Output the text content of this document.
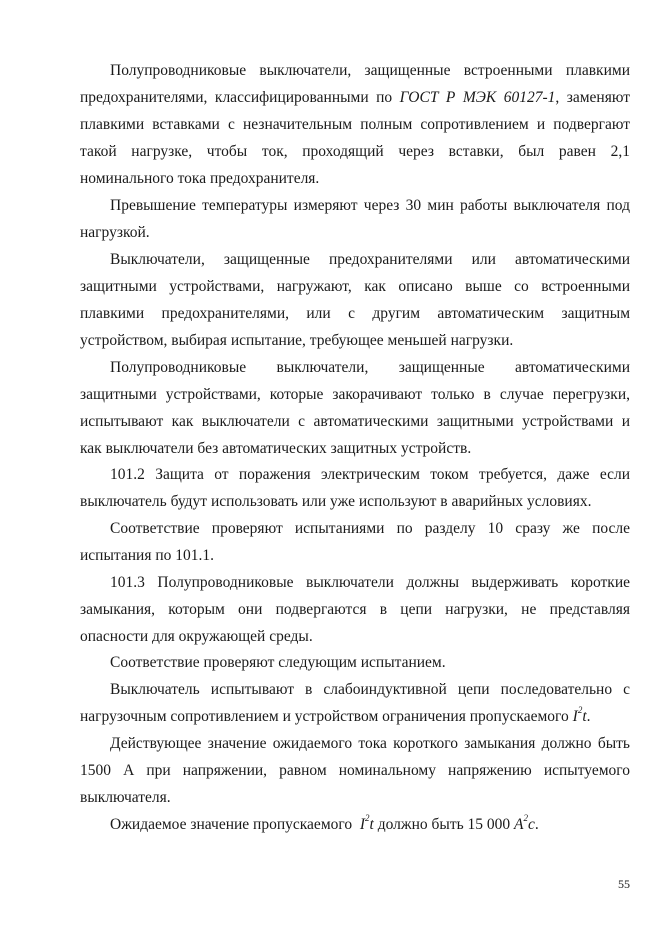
Полупроводниковые выключатели, защищенные встроенными плавкими
предохранителями, классифицированными по ГОСТ Р МЭК 60127-1, заменяют
плавкими вставками с незначительным полным сопротивлением и подвергают
такой нагрузке, чтобы ток, проходящий через вставки, был равен 2,1
номинального тока предохранителя.
Превышение температуры измеряют через 30 мин работы выключателя под
нагрузкой.
Выключатели, защищенные предохранителями или автоматическими
защитными устройствами, нагружают, как описано выше со встроенными
плавкими предохранителями, или с другим автоматическим защитным
устройством, выбирая испытание, требующее меньшей нагрузки.
Полупроводниковые выключатели, защищенные автоматическими
защитными устройствами, которые закорачивают только в случае перегрузки,
испытывают как выключатели с автоматическими защитными устройствами и
как выключатели без автоматических защитных устройств.
101.2 Защита от поражения электрическим током требуется, даже если
выключатель будут использовать или уже используют в аварийных условиях.
Соответствие проверяют испытаниями по разделу 10 сразу же после
испытания по 101.1.
101.3 Полупроводниковые выключатели должны выдерживать короткие
замыкания, которым они подвергаются в цепи нагрузки, не представляя
опасности для окружающей среды.
Соответствие проверяют следующим испытанием.
Выключатель испытывают в слабоиндуктивной цепи последовательно с
нагрузочным сопротивлением и устройством ограничения пропускаемого $I^2t$.
Действующее значение ожидаемого тока короткого замыкания должно быть
1500 А при напряжении, равном номинальному напряжению испытуемого
выключателя.
Ожидаемое значение пропускаемого $I^2t$ должно быть 15 000 $А^2с$.
55
